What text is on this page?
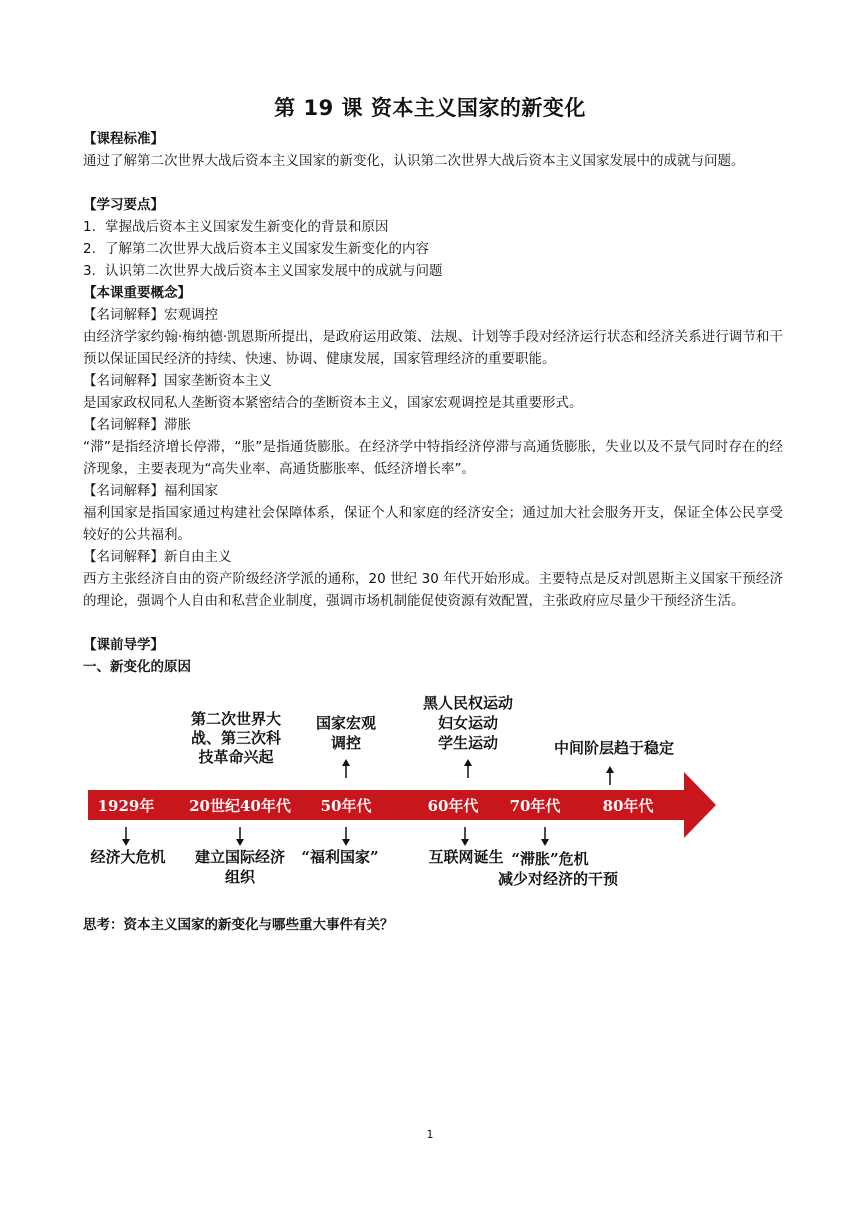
第 19 课 资本主义国家的新变化
【课程标准】
通过了解第二次世界大战后资本主义国家的新变化，认识第二次世界大战后资本主义国家发展中的成就与问题。
【学习要点】
1. 掌握战后资本主义国家发生新变化的背景和原因
2. 了解第二次世界大战后资本主义国家发生新变化的内容
3. 认识第二次世界大战后资本主义国家发展中的成就与问题
【本课重要概念】
【名词解释】宏观调控
由经济学家约翰·梅纳德·凯恩斯所提出，是政府运用政策、法规、计划等手段对经济运行状态和经济关系进行调节和干预以保证国民经济的持续、快速、协调、健康发展，国家管理经济的重要职能。
【名词解释】国家垄断资本主义
是国家政权同私人垄断资本紧密结合的垄断资本主义，国家宏观调控是其重要形式。
【名词解释】滞胀
“滞”是指经济增长停滞，“胀”是指通货膨胀。在经济学中特指经济停滞与高通货膨胀，失业以及不景气同时存在的经济现象，主要表现为“高失业率、高通货膨胀率、低经济增长率”。
【名词解释】福利国家
福利国家是指国家通过构建社会保障体系，保证个人和家庭的经济安全；通过加大社会服务开支，保证全体公民享受较好的公共福利。
【名词解释】新自由主义
西方主张经济自由的资产阶级经济学派的通称，20 世纪 30 年代开始形成。主要特点是反对凯恩斯主义国家干预经济的理论，强调个人自由和私营企业制度，强调市场机制能促使资源有效配置，主张政府应尽量少干预经济生活。
【课前导学】
一、新变化的原因
1929年 20世纪40年代 50年代	60年代 70年代	80年代
第二次世界大
战、第三次科
技革命兴起
国家宏观
调控
黑人民权运动
妇女运动
学生运动	中间阶层趋于稳定
经济大危机 建立国际经济
组织
“福利国家”	互联网诞生 “滞胀”危机
减少对经济的干预
思考：资本主义国家的新变化与哪些重大事件有关？
1
